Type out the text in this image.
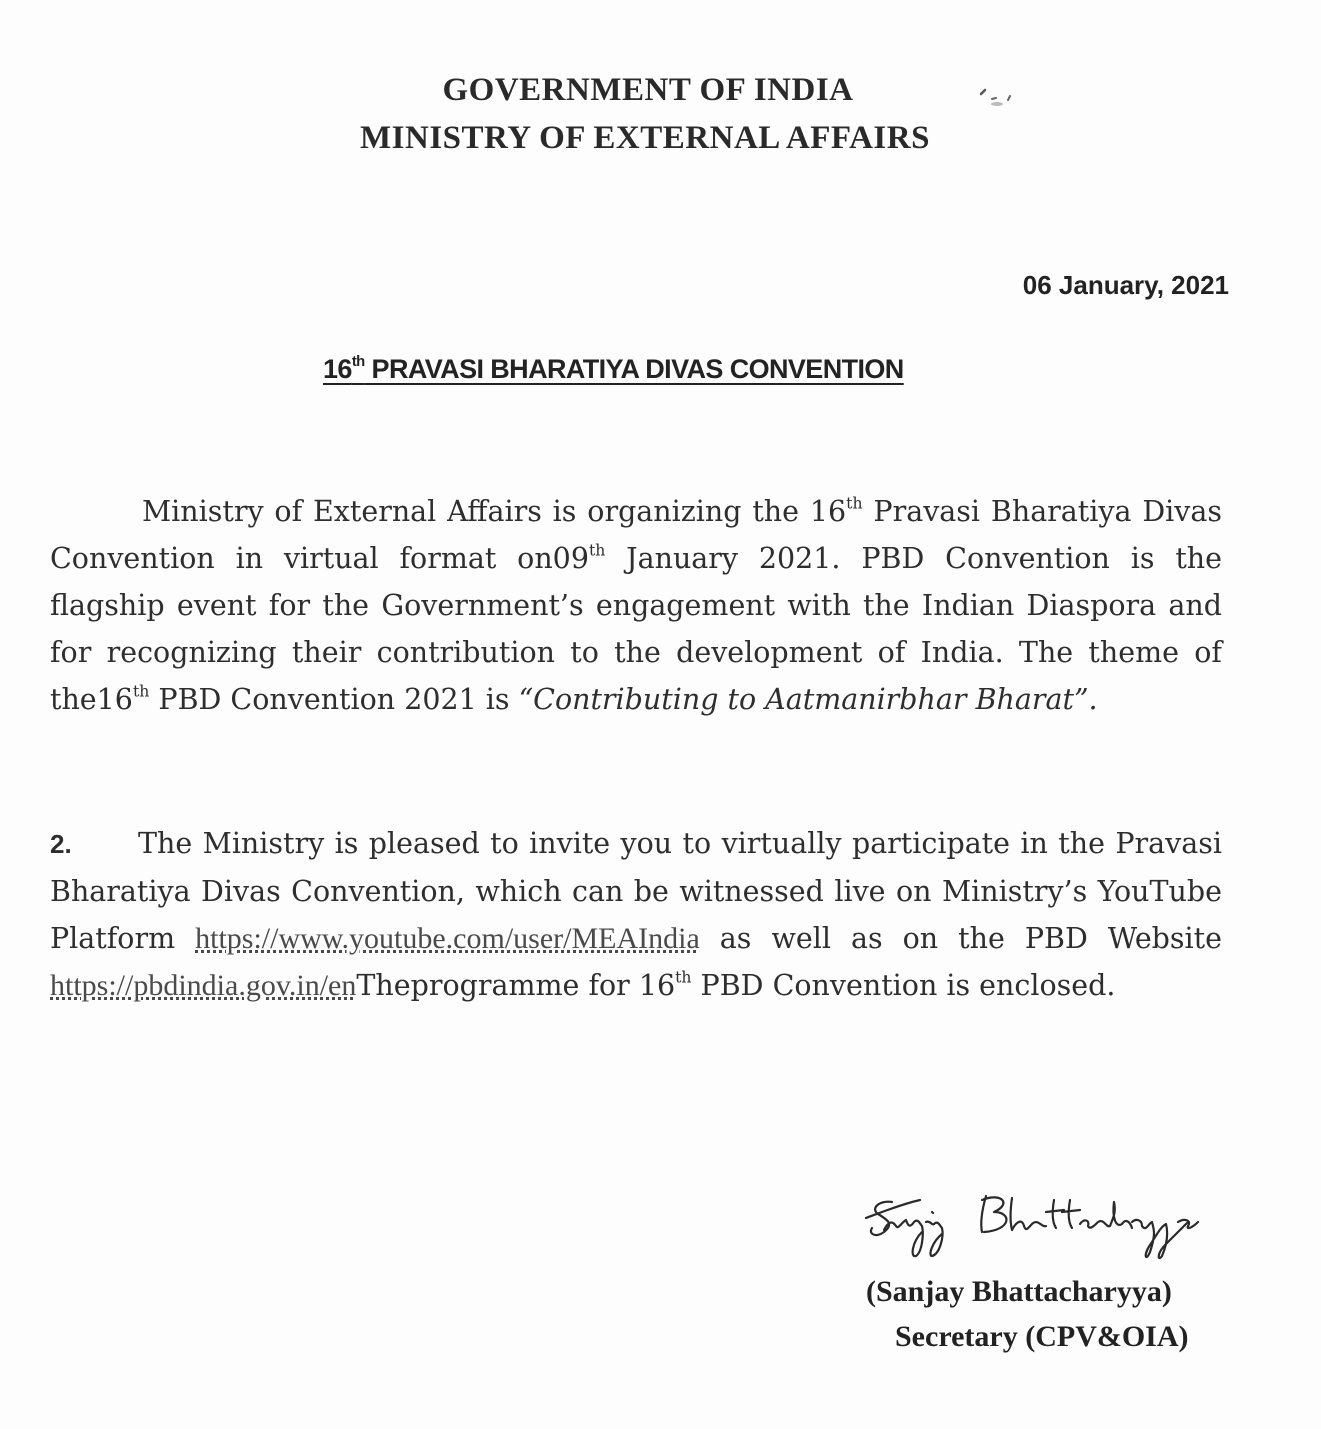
GOVERNMENT OF INDIA
MINISTRY OF EXTERNAL AFFAIRS
06 January, 2021
16th PRAVASI BHARATIYA DIVAS CONVENTION
Ministry of External Affairs is organizing the 16th Pravasi Bharatiya Divas Convention in virtual format on09th January 2021. PBD Convention is the flagship event for the Government’s engagement with the Indian Diaspora and for recognizing their contribution to the development of India. The theme of the16th PBD Convention 2021 is “Contributing to Aatmanirbhar Bharat”.
2. The Ministry is pleased to invite you to virtually participate in the Pravasi Bharatiya Divas Convention, which can be witnessed live on Ministry’s YouTube Platform https://www.youtube.com/user/MEAIndia as well as on the PBD Website https://pbdindia.gov.in/enTheprogramme for 16th PBD Convention is enclosed.
(Sanjay Bhattacharyya)
Secretary (CPV&OIA)
